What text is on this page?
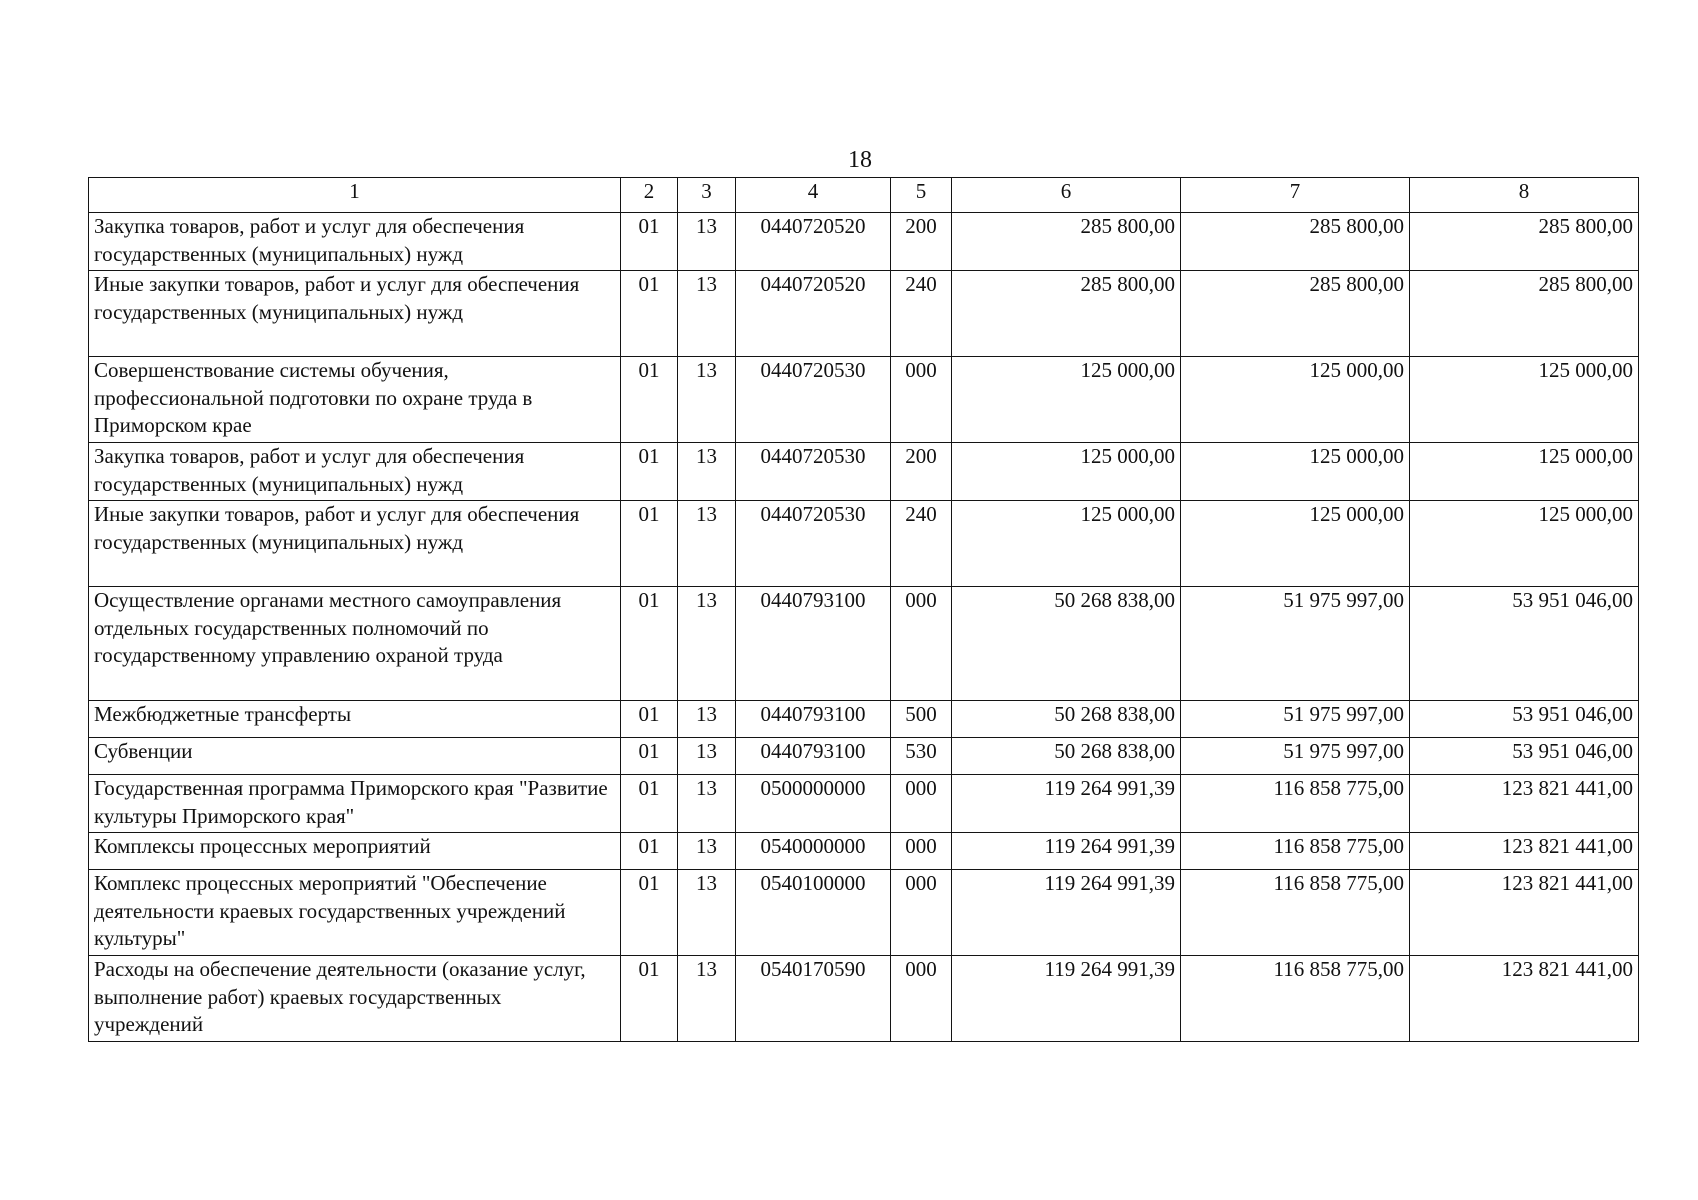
18
1	2	3	4	5	6	7	8
Закупка товаров, работ и услуг для обеспечения государственных (муниципальных) нужд	01	13	0440720520	200	285 800,00	285 800,00	285 800,00
Иные закупки товаров, работ и услуг для обеспечения государственных (муниципальных) нужд	01	13	0440720520	240	285 800,00	285 800,00	285 800,00
Совершенствование системы обучения, профессиональной подготовки по охране труда в Приморском крае	01	13	0440720530	000	125 000,00	125 000,00	125 000,00
Закупка товаров, работ и услуг для обеспечения государственных (муниципальных) нужд	01	13	0440720530	200	125 000,00	125 000,00	125 000,00
Иные закупки товаров, работ и услуг для обеспечения государственных (муниципальных) нужд	01	13	0440720530	240	125 000,00	125 000,00	125 000,00
Осуществление органами местного самоуправления отдельных государственных полномочий по государственному управлению охраной труда	01	13	0440793100	000	50 268 838,00	51 975 997,00	53 951 046,00
Межбюджетные трансферты	01	13	0440793100	500	50 268 838,00	51 975 997,00	53 951 046,00
Субвенции	01	13	0440793100	530	50 268 838,00	51 975 997,00	53 951 046,00
Государственная программа Приморского края "Развитие культуры Приморского края"	01	13	0500000000	000	119 264 991,39	116 858 775,00	123 821 441,00
Комплексы процессных мероприятий	01	13	0540000000	000	119 264 991,39	116 858 775,00	123 821 441,00
Комплекс процессных мероприятий "Обеспечение деятельности краевых государственных учреждений культуры"	01	13	0540100000	000	119 264 991,39	116 858 775,00	123 821 441,00
Расходы на обеспечение деятельности (оказание услуг, выполнение работ) краевых государственных учреждений	01	13	0540170590	000	119 264 991,39	116 858 775,00	123 821 441,00
